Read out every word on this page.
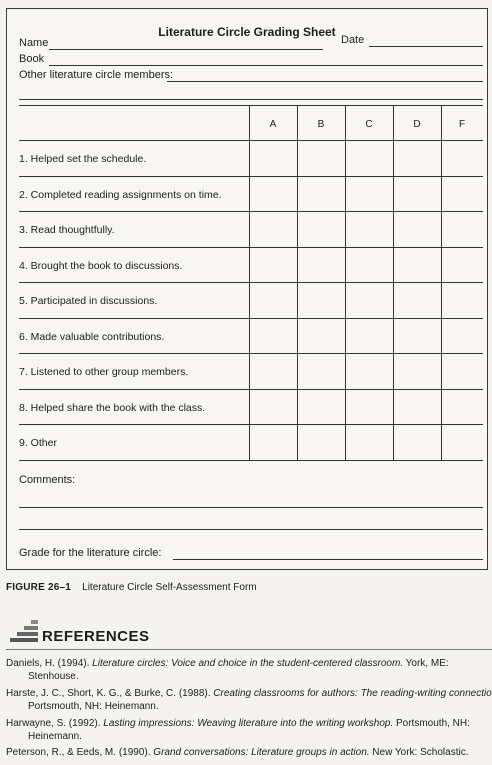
Literature Circle Grading Sheet
Name	Date
Book
Other literature circle members:
A	B	C	D	F
1. Helped set the schedule.
2. Completed reading assignments on time.
3. Read thoughtfully.
4. Brought the book to discussions.
5. Participated in discussions.
6. Made valuable contributions.
7. Listened to other group members.
8. Helped share the book with the class.
9. Other
Comments:
Grade for the literature circle:
FIGURE 26–1 Literature Circle Self-Assessment Form
REFERENCES
Daniels, H. (1994). Literature circles: Voice and choice in the student-centered classroom. York, ME:
Stenhouse.
Harste, J. C., Short, K. G., & Burke, C. (1988). Creating classrooms for authors: The reading-writing connectio
Portsmouth, NH: Heinemann.
Harwayne, S. (1992). Lasting impressions: Weaving literature into the writing workshop. Portsmouth, NH:
Heinemann.
Peterson, R., & Eeds, M. (1990). Grand conversations: Literature groups in action. New York: Scholastic.
